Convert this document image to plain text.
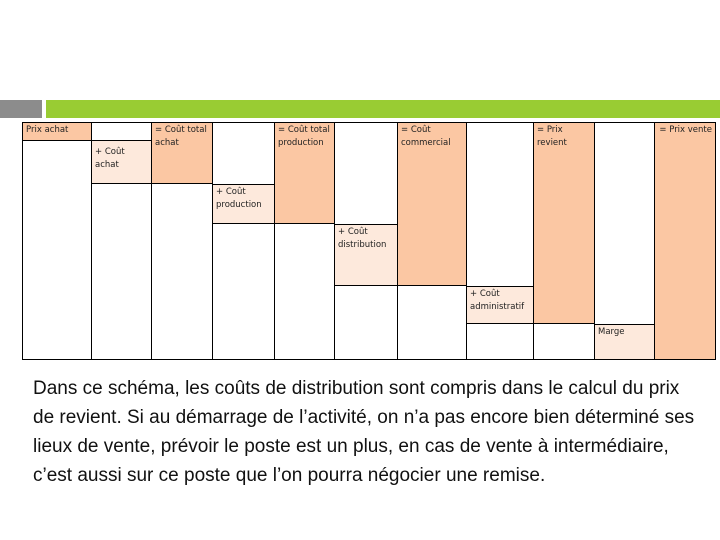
Prix achat
+ Coût achat
= Coût total achat
+ Coût production
= Coût total production
+ Coût distribution
= Coût commercial
+ Coût administratif
= Prix revient
Marge
= Prix vente

Dans ce schéma, les coûts de distribution sont compris dans le calcul du prix de revient. Si au démarrage de l’activité, on n’a pas encore bien déterminé ses lieux de vente, prévoir le poste est un plus, en cas de vente à intermédiaire, c’est aussi sur ce poste que l’on pourra négocier une remise.
